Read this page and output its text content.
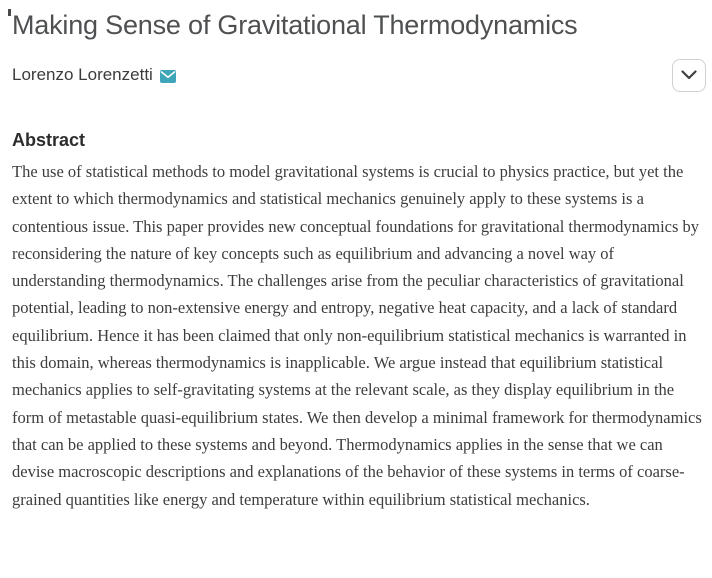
Making Sense of Gravitational Thermodynamics
Lorenzo Lorenzetti
Abstract

The use of statistical methods to model gravitational systems is crucial to physics practice, but yet the extent to which thermodynamics and statistical mechanics genuinely apply to these systems is a contentious issue. This paper provides new conceptual foundations for gravitational thermodynamics by reconsidering the nature of key concepts such as equilibrium and advancing a novel way of understanding thermodynamics. The challenges arise from the peculiar characteristics of gravitational potential, leading to non-extensive energy and entropy, negative heat capacity, and a lack of standard equilibrium. Hence it has been claimed that only non-equilibrium statistical mechanics is warranted in this domain, whereas thermodynamics is inapplicable. We argue instead that equilibrium statistical mechanics applies to self-gravitating systems at the relevant scale, as they display equilibrium in the form of metastable quasi-equilibrium states. We then develop a minimal framework for thermodynamics that can be applied to these systems and beyond. Thermodynamics applies in the sense that we can devise macroscopic descriptions and explanations of the behavior of these systems in terms of coarse-grained quantities like energy and temperature within equilibrium statistical mechanics.
